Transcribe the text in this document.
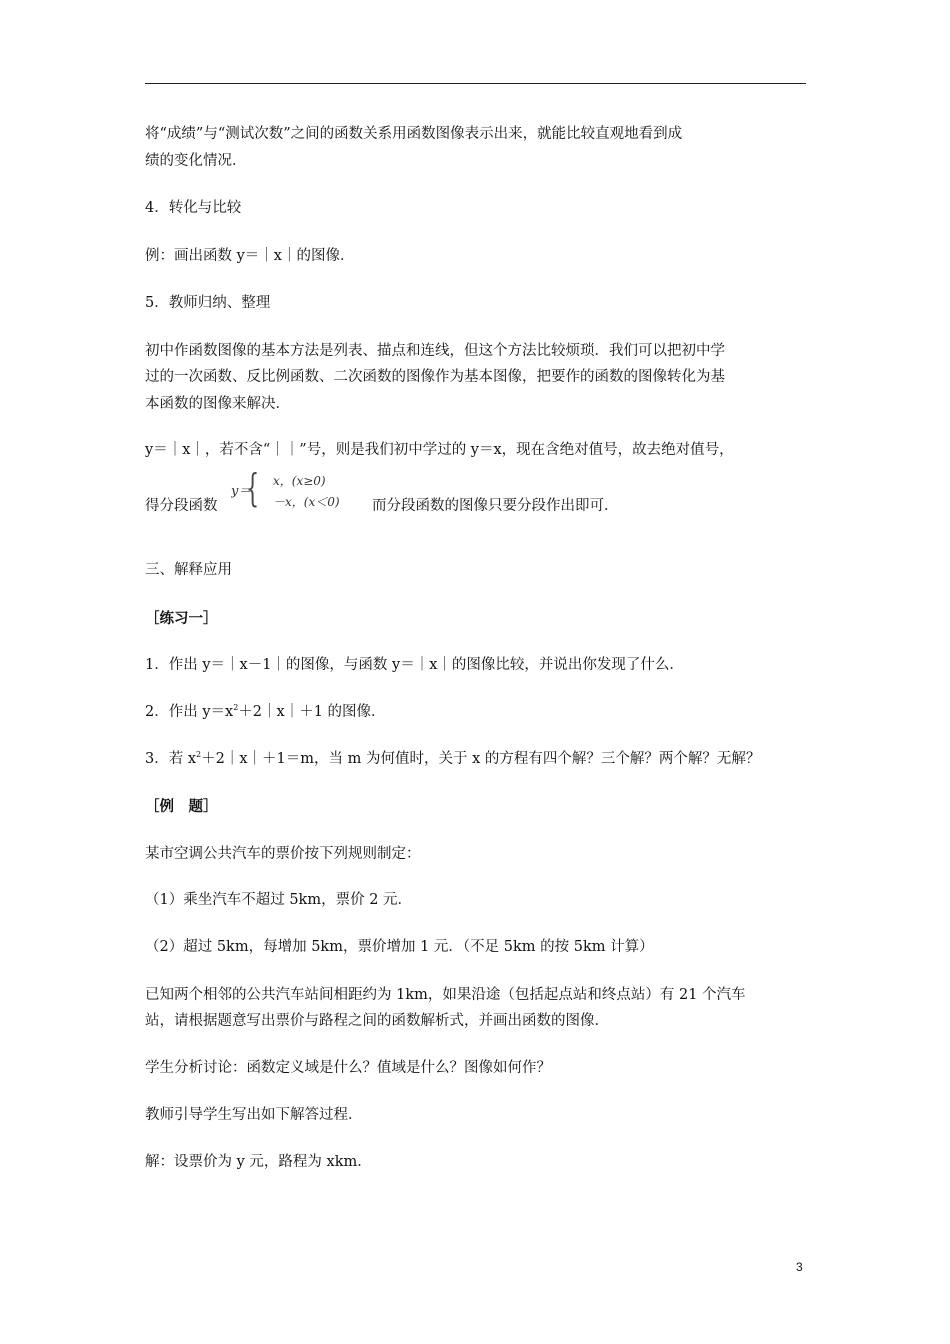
将“成绩”与“测试次数”之间的函数关系用函数图像表示出来，就能比较直观地看到成
绩的变化情况．
4．转化与比较
例：画出函数 y＝｜x｜的图像．
5．教师归纳、整理
初中作函数图像的基本方法是列表、描点和连线，但这个方法比较烦琐．我们可以把初中学
过的一次函数、反比例函数、二次函数的图像作为基本图像，把要作的函数的图像转化为基
本函数的图像来解决．
y＝｜x｜，若不含“｜｜”号，则是我们初中学过的 y＝x，现在含绝对值号，故去绝对值号，
得分段函数
y＝
{ x，(x≥0)
－x，(x＜0) 而分段函数的图像只要分段作出即可．
三、解释应用
［练习一］
1．作出 y＝｜x－1｜的图像，与函数 y＝｜x｜的图像比较，并说出你发现了什么．
2．作出 $y=x^2+2|x|+1$ 的图像．
3．若 $x^2+2|x|+1=m$，当 m 为何值时，关于 x 的方程有四个解？三个解？两个解？无解？
［例　题］
某市空调公共汽车的票价按下列规则制定：
（1）乘坐汽车不超过 5km，票价 2 元．
（2）超过 5km，每增加 5km，票价增加 1 元．（不足 5km 的按 5km 计算）
已知两个相邻的公共汽车站间相距约为 1km，如果沿途（包括起点站和终点站）有 21 个汽车
站，请根据题意写出票价与路程之间的函数解析式，并画出函数的图像．
学生分析讨论：函数定义域是什么？值域是什么？图像如何作？
教师引导学生写出如下解答过程．
解：设票价为 y 元，路程为 xkm．
3
